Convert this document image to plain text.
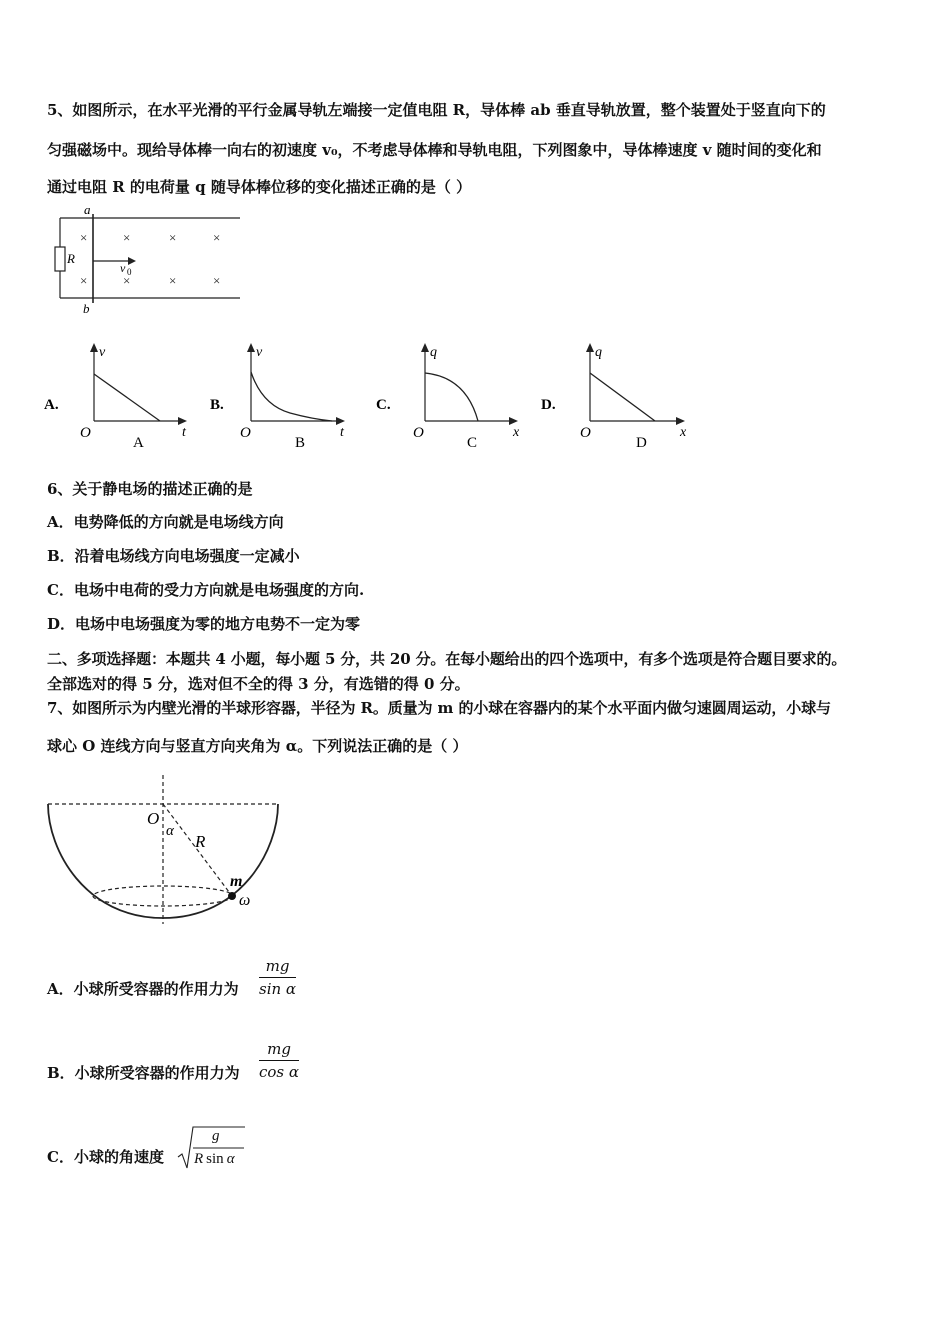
5、如图所示，在水平光滑的平行金属导轨左端接一定值电阻 R，导体棒 ab 垂直导轨放置，整个装置处于竖直向下的
匀强磁场中。现给导体棒一向右的初速度 v₀，不考虑导体棒和导轨电阻，下列图象中，导体棒速度 v 随时间的变化和
通过电阻 R 的电荷量 q 随导体棒位移的变化描述正确的是（ ）
a
b
R
v 0
×	×	×	×
×	×	×	×
A.
v
t
O
A
B.
v
t
O
B
C.
q
x
O
C
D.
q
x
O
D
O
α
R
m
ω
6、关于静电场的描述正确的是
A．电势降低的方向就是电场线方向
B．沿着电场线方向电场强度一定减小
C．电场中电荷的受力方向就是电场强度的方向.
D．电场中电场强度为零的地方电势不一定为零
二、多项选择题：本题共 4 小题，每小题 5 分，共 20 分。在每小题给出的四个选项中，有多个选项是符合题目要求的。
全部选对的得 5 分，选对但不全的得 3 分，有选错的得 0 分。
7、如图所示为内壁光滑的半球形容器，半径为 R。质量为 m 的小球在容器内的某个水平面内做匀速圆周运动，小球与
球心 O 连线方向与竖直方向夹角为 α。下列说法正确的是（ ）
A．小球所受容器的作用力为 $\frac{mg}{\text{sin α}}$
B．小球所受容器的作用力为 $\frac{mg}{\text{cos α}}$
C．小球的角速度
g
R sin α
